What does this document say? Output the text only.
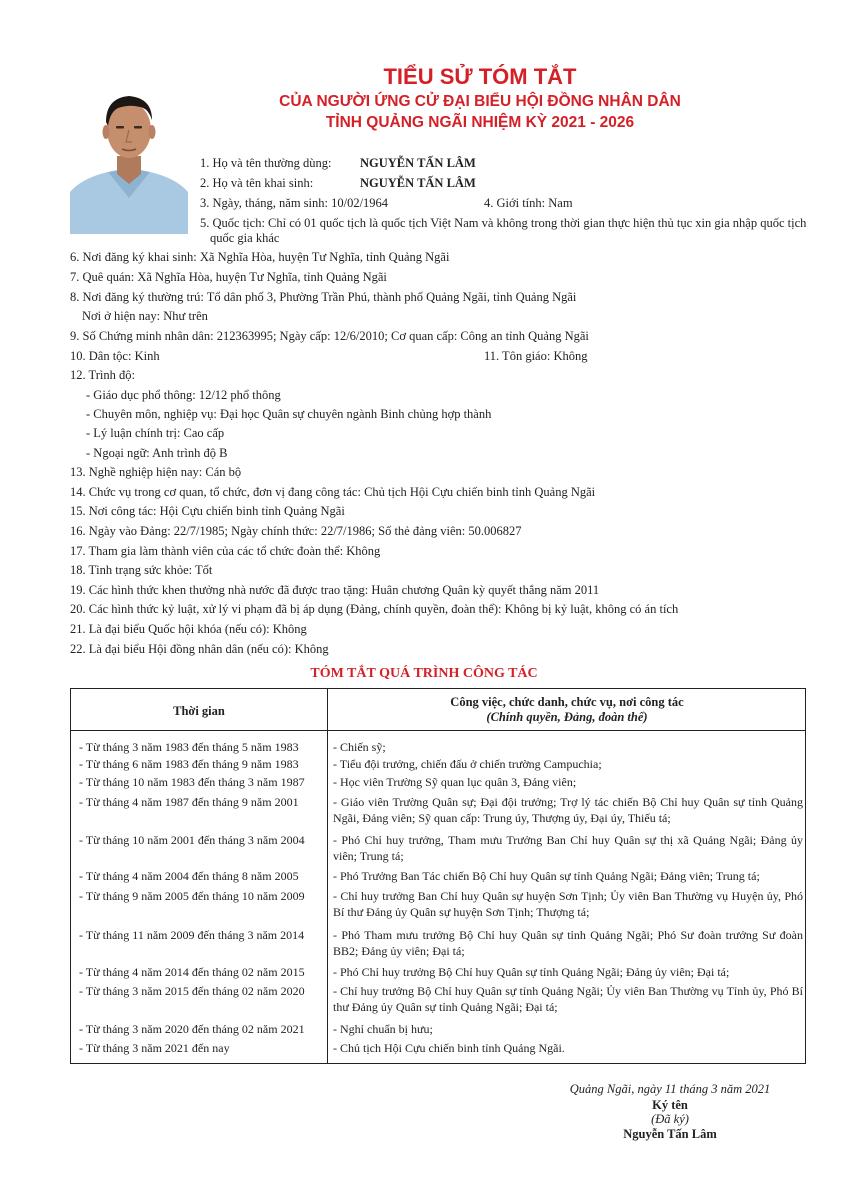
TIỂU SỬ TÓM TẮT
CỦA NGƯỜI ỨNG CỬ ĐẠI BIỂU HỘI ĐỒNG NHÂN DÂN
TỈNH QUẢNG NGÃI NHIỆM KỲ 2021 - 2026
1. Họ và tên thường dùng: NGUYỄN TẤN LÂM
2. Họ và tên khai sinh:	NGUYỄN TẤN LÂM
3. Ngày, tháng, năm sinh: 10/02/1964	4. Giới tính: Nam
5. Quốc tịch: Chỉ có 01 quốc tịch là quốc tịch Việt Nam và không trong thời gian thực hiện thủ tục xin gia nhập quốc tịch
quốc gia khác
6. Nơi đăng ký khai sinh: Xã Nghĩa Hòa, huyện Tư Nghĩa, tỉnh Quảng Ngãi
7. Quê quán: Xã Nghĩa Hòa, huyện Tư Nghĩa, tỉnh Quảng Ngãi
8. Nơi đăng ký thường trú: Tổ dân phố 3, Phường Trần Phú, thành phố Quảng Ngãi, tỉnh Quảng Ngãi
Nơi ở hiện nay: Như trên
9. Số Chứng minh nhân dân: 212363995; Ngày cấp: 12/6/2010; Cơ quan cấp: Công an tỉnh Quảng Ngãi
10. Dân tộc: Kinh	11. Tôn giáo: Không
12. Trình độ:
- Giáo dục phổ thông: 12/12 phổ thông
- Chuyên môn, nghiệp vụ: Đại học Quân sự chuyên ngành Binh chủng hợp thành
- Lý luận chính trị: Cao cấp
- Ngoại ngữ: Anh trình độ B
13. Nghề nghiệp hiện nay: Cán bộ
14. Chức vụ trong cơ quan, tổ chức, đơn vị đang công tác: Chủ tịch Hội Cựu chiến binh tỉnh Quảng Ngãi
15. Nơi công tác: Hội Cựu chiến binh tỉnh Quảng Ngãi
16. Ngày vào Đảng: 22/7/1985; Ngày chính thức: 22/7/1986; Số thẻ đảng viên: 50.006827
17. Tham gia làm thành viên của các tổ chức đoàn thể: Không
18. Tình trạng sức khỏe: Tốt
19. Các hình thức khen thưởng nhà nước đã được trao tặng: Huân chương Quân kỳ quyết thắng năm 2011
20. Các hình thức kỷ luật, xử lý vi phạm đã bị áp dụng (Đảng, chính quyền, đoàn thể): Không bị kỷ luật, không có án tích
21. Là đại biểu Quốc hội khóa (nếu có): Không
22. Là đại biểu Hội đồng nhân dân (nếu có): Không
TÓM TẮT QUÁ TRÌNH CÔNG TÁC
Thời gian
Công việc, chức danh, chức vụ, nơi công tác
(Chính quyền, Đảng, đoàn thể)
- Từ tháng 3 năm 1983 đến tháng 5 năm 1983	- Chiến sỹ;
- Từ tháng 6 năm 1983 đến tháng 9 năm 1983	- Tiểu đội trưởng, chiến đấu ở chiến trường Campuchia;
- Từ tháng 10 năm 1983 đến tháng 3 năm 1987 - Học viên Trường Sỹ quan lục quân 3, Đảng viên;
- Từ tháng 4 năm 1987 đến tháng 9 năm 2001	- Giáo viên Trường Quân sự; Đại đội trưởng; Trợ lý tác chiến Bộ Chỉ huy Quân sự tỉnh Quảng Ngãi, Đảng viên; Sỹ quan cấp: Trung úy, Thượng úy, Đại úy, Thiếu tá;
- Từ tháng 10 năm 2001 đến tháng 3 năm 2004 - Phó Chỉ huy trưởng, Tham mưu Trưởng Ban Chỉ huy Quân sự thị xã Quảng Ngãi; Đảng ủy viên; Trung tá;
- Từ tháng 4 năm 2004 đến tháng 8 năm 2005	- Phó Trưởng Ban Tác chiến Bộ Chỉ huy Quân sự tỉnh Quảng Ngãi; Đảng viên; Trung tá;
- Từ tháng 9 năm 2005 đến tháng 10 năm 2009 - Chỉ huy trưởng Ban Chỉ huy Quân sự huyện Sơn Tịnh; Ủy viên Ban Thường vụ Huyện ủy, Phó Bí thư Đảng ủy Quân sự huyện Sơn Tịnh; Thượng tá;
- Từ tháng 11 năm 2009 đến tháng 3 năm 2014 - Phó Tham mưu trưởng Bộ Chỉ huy Quân sự tỉnh Quảng Ngãi; Phó Sư đoàn trưởng Sư đoàn BB2; Đảng ủy viên; Đại tá;
- Từ tháng 4 năm 2014 đến tháng 02 năm 2015 - Phó Chỉ huy trưởng Bộ Chỉ huy Quân sự tỉnh Quảng Ngãi; Đảng ủy viên; Đại tá;
- Từ tháng 3 năm 2015 đến tháng 02 năm 2020 - Chỉ huy trưởng Bộ Chỉ huy Quân sự tỉnh Quảng Ngãi; Ủy viên Ban Thường vụ Tỉnh ủy, Phó Bí thư Đảng ủy Quân sự tỉnh Quảng Ngãi; Đại tá;
- Từ tháng 3 năm 2020 đến tháng 02 năm 2021 - Nghỉ chuẩn bị hưu;
- Từ tháng 3 năm 2021 đến nay	- Chủ tịch Hội Cựu chiến binh tỉnh Quảng Ngãi.
Quảng Ngãi, ngày 11 tháng 3 năm 2021
Ký tên
(Đã ký)
Nguyễn Tấn Lâm
